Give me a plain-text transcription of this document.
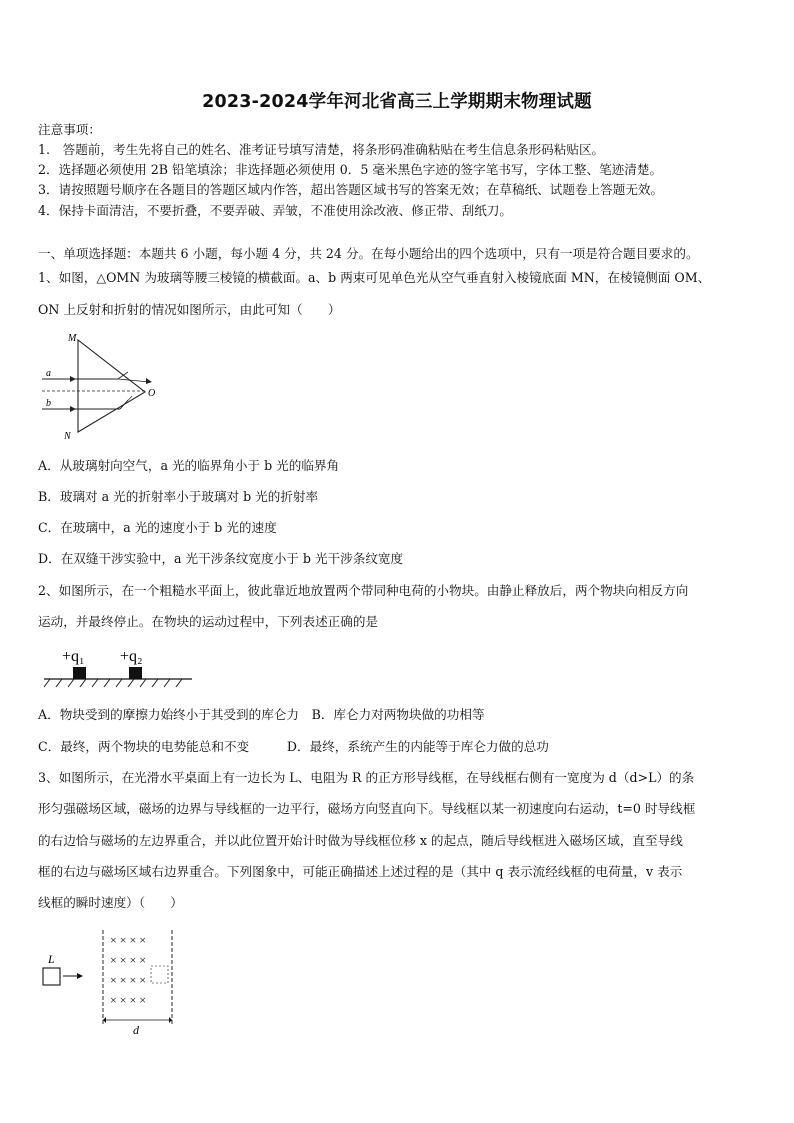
2023-2024学年河北省高三上学期期末物理试题
注意事项：
1.　答题前，考生先将自己的姓名、准考证号填写清楚，将条形码准确粘贴在考生信息条形码粘贴区。
2．选择题必须使用 2B 铅笔填涂；非选择题必须使用 0．5 毫米黑色字迹的签字笔书写，字体工整、笔迹清楚。
3．请按照题号顺序在各题目的答题区域内作答，超出答题区域书写的答案无效；在草稿纸、试题卷上答题无效。
4．保持卡面清洁，不要折叠，不要弄破、弄皱，不准使用涂改液、修正带、刮纸刀。
一、单项选择题：本题共 6 小题，每小题 4 分，共 24 分。在每小题给出的四个选项中，只有一项是符合题目要求的。
1、如图，△OMN 为玻璃等腰三棱镜的横截面。a、b 两束可见单色光从空气垂直射入棱镜底面 MN，在棱镜侧面 OM、
ON 上反射和折射的情况如图所示，由此可知（　　）
M
N
O
a
b
A．从玻璃射向空气，a 光的临界角小于 b 光的临界角
B．玻璃对 a 光的折射率小于玻璃对 b 光的折射率
C．在玻璃中，a 光的速度小于 b 光的速度
D．在双缝干涉实验中，a 光干涉条纹宽度小于 b 光干涉条纹宽度
2、如图所示，在一个粗糙水平面上，彼此靠近地放置两个带同种电荷的小物块。由静止释放后，两个物块向相反方向
运动，并最终停止。在物块的运动过程中，下列表述正确的是
+q₁ +q₂
A．物块受到的摩擦力始终小于其受到的库仑力　B．库仑力对两物块做的功相等
C．最终，两个物块的电势能总和不变　　　D．最终，系统产生的内能等于库仑力做的总功
3、如图所示，在光滑水平桌面上有一边长为 L、电阻为 R 的正方形导线框，在导线框右侧有一宽度为 d（d>L）的条
形匀强磁场区域，磁场的边界与导线框的一边平行，磁场方向竖直向下。导线框以某一初速度向右运动，t=0 时导线框
的右边恰与磁场的左边界重合，并以此位置开始计时做为导线框位移 x 的起点，随后导线框进入磁场区域，直至导线
框的右边与磁场区域右边界重合。下列图象中，可能正确描述上述过程的是（其中 q 表示流经线框的电荷量，v 表示
线框的瞬时速度）（　　）
L
× × × ×
× × × ×
× × × ×
× × × ×
d
